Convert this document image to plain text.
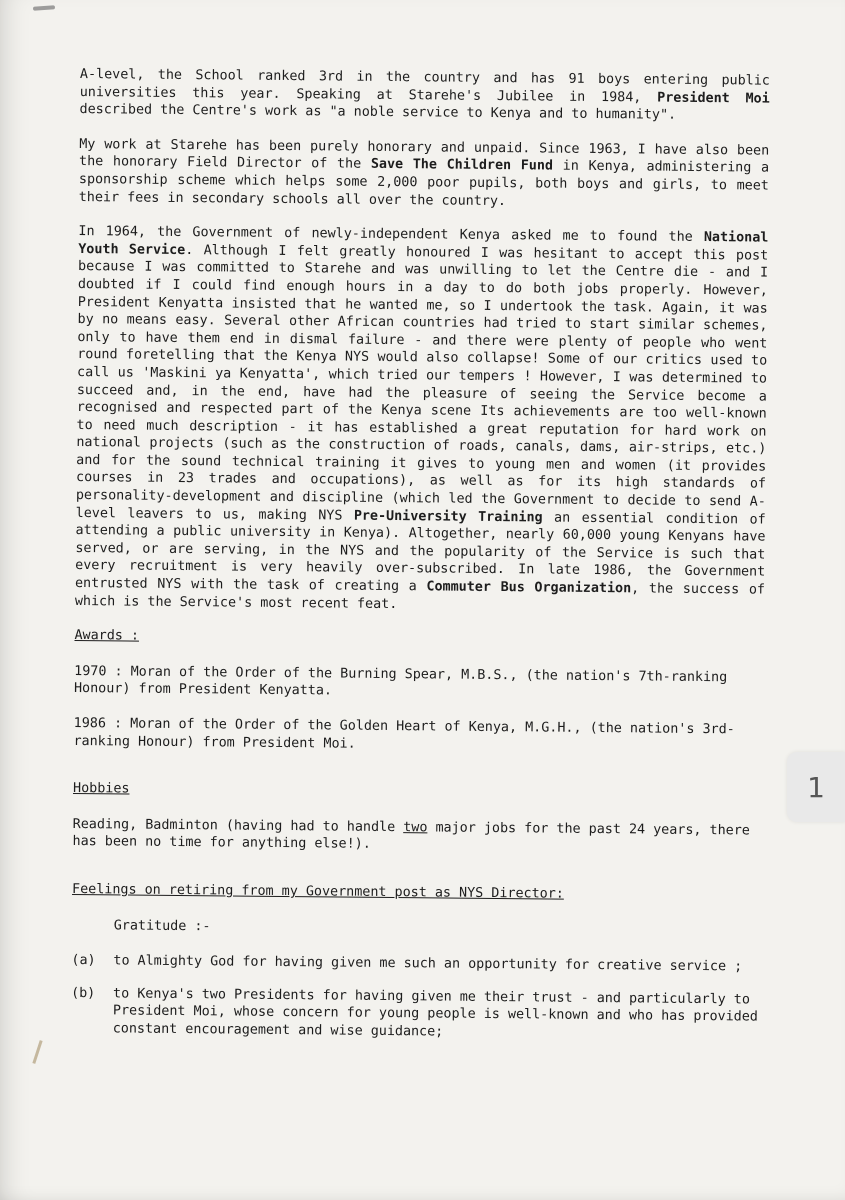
A-level, the School ranked 3rd in the country and has 91 boys entering public universities this year. Speaking at Starehe's Jubilee in 1984, President Moi described the Centre's work as "a noble service to Kenya and to humanity".

My work at Starehe has been purely honorary and unpaid. Since 1963, I have also been the honorary Field Director of the Save The Children Fund in Kenya, administering a sponsorship scheme which helps some 2,000 poor pupils, both boys and girls, to meet their fees in secondary schools all over the country.

In 1964, the Government of newly-independent Kenya asked me to found the National Youth Service. Although I felt greatly honoured I was hesitant to accept this post because I was committed to Starehe and was unwilling to let the Centre die - and I doubted if I could find enough hours in a day to do both jobs properly. However, President Kenyatta insisted that he wanted me, so I undertook the task. Again, it was by no means easy. Several other African countries had tried to start similar schemes, only to have them end in dismal failure - and there were plenty of people who went round foretelling that the Kenya NYS would also collapse! Some of our critics used to call us 'Maskini ya Kenyatta', which tried our tempers ! However, I was determined to succeed and, in the end, have had the pleasure of seeing the Service become a recognised and respected part of the Kenya scene Its achievements are too well-known to need much description - it has established a great reputation for hard work on national projects (such as the construction of roads, canals, dams, air-strips, etc.) and for the sound technical training it gives to young men and women (it provides courses in 23 trades and occupations), as well as for its high standards of personality-development and discipline (which led the Government to decide to send A-level leavers to us, making NYS Pre-University Training an essential condition of attending a public university in Kenya). Altogether, nearly 60,000 young Kenyans have served, or are serving, in the NYS and the popularity of the Service is such that every recruitment is very heavily over-subscribed. In late 1986, the Government entrusted NYS with the task of creating a Commuter Bus Organization, the success of which is the Service's most recent feat.

Awards :
1970 : Moran of the Order of the Burning Spear, M.B.S., (the nation's 7th-ranking Honour) from President Kenyatta.
1986 : Moran of the Order of the Golden Heart of Kenya, M.G.H., (the nation's 3rd-ranking Honour) from President Moi.
Hobbies
Reading, Badminton (having had to handle two major jobs for the past 24 years, there has been no time for anything else!).
Feelings on retiring from my Government post as NYS Director:
Gratitude :-
(a)	to Almighty God for having given me such an opportunity for creative service ;
(b)	to Kenya's two Presidents for having given me their trust - and particularly to President Moi, whose concern for young people is well-known and who has provided constant encouragement and wise guidance;
1
